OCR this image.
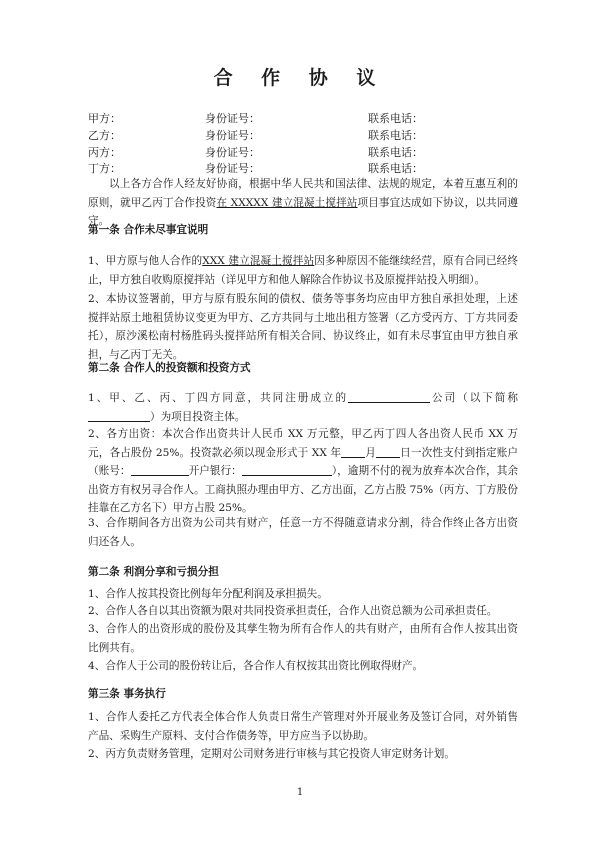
合 作 协 议
甲方：	身份证号：	联系电话：
乙方：	身份证号：	联系电话：
丙方：	身份证号：	联系电话：
丁方：	身份证号：	联系电话：
以上各方合作人经友好协商，根据中华人民共和国法律、法规的规定，本着互惠互利的原则，就甲乙丙丁合作投资在 XXXXX 建立混凝土搅拌站项目事宜达成如下协议，以共同遵守。
第一条 合作未尽事宜说明
1、甲方原与他人合作的XXX 建立混凝土搅拌站因多种原因不能继续经营，原有合同已经终止，甲方独自收购原搅拌站（详见甲方和他人解除合作协议书及原搅拌站投入明细）。
2、本协议签署前，甲方与原有股东间的债权、债务等事务均应由甲方独自承担处理，上述搅拌站原土地租赁协议变更为甲方、乙方共同与土地出租方签署（乙方受丙方、丁方共同委托），原沙溪松南村杨胜码头搅拌站所有相关合同、协议终止，如有未尽事宜由甲方独自承担，与乙丙丁无关。
第二条 合作人的投资额和投资方式
1、甲、乙、丙、丁四方同意，共同注册成立的	公司（以下简称）为项目投资主体。
2、各方出资：本次合作出资共计人民币 XX 万元整，甲乙丙丁四人各出资人民币 XX 万元，各占股份 25%。投资款必须以现金形式于 XX 年 月 日一次性支付到指定账户（账号：	开户银行：	），逾期不付的视为放弃本次合作，其余出资方有权另寻合作人。工商执照办理由甲方、乙方出面，乙方占股 75%（丙方、丁方股份挂靠在乙方名下）甲方占股 25%。
3、合作期间各方出资为公司共有财产，任意一方不得随意请求分割，待合作终止各方出资归还各人。
第二条 利润分享和亏损分担
1、合作人按其投资比例每年分配利润及承担损失。
2、合作人各自以其出资额为限对共同投资承担责任，合作人出资总额为公司承担责任。
3、合作人的出资形成的股份及其孳生物为所有合作人的共有财产，由所有合作人按其出资比例共有。
4、合作人于公司的股份转让后，各合作人有权按其出资比例取得财产。
第三条 事务执行
1、合作人委托乙方代表全体合作人负责日常生产管理对外开展业务及签订合同，对外销售产品、采购生产原料、支付合作债务等，甲方应当予以协助。
2、丙方负责财务管理，定期对公司财务进行审核与其它投资人审定财务计划。
1
